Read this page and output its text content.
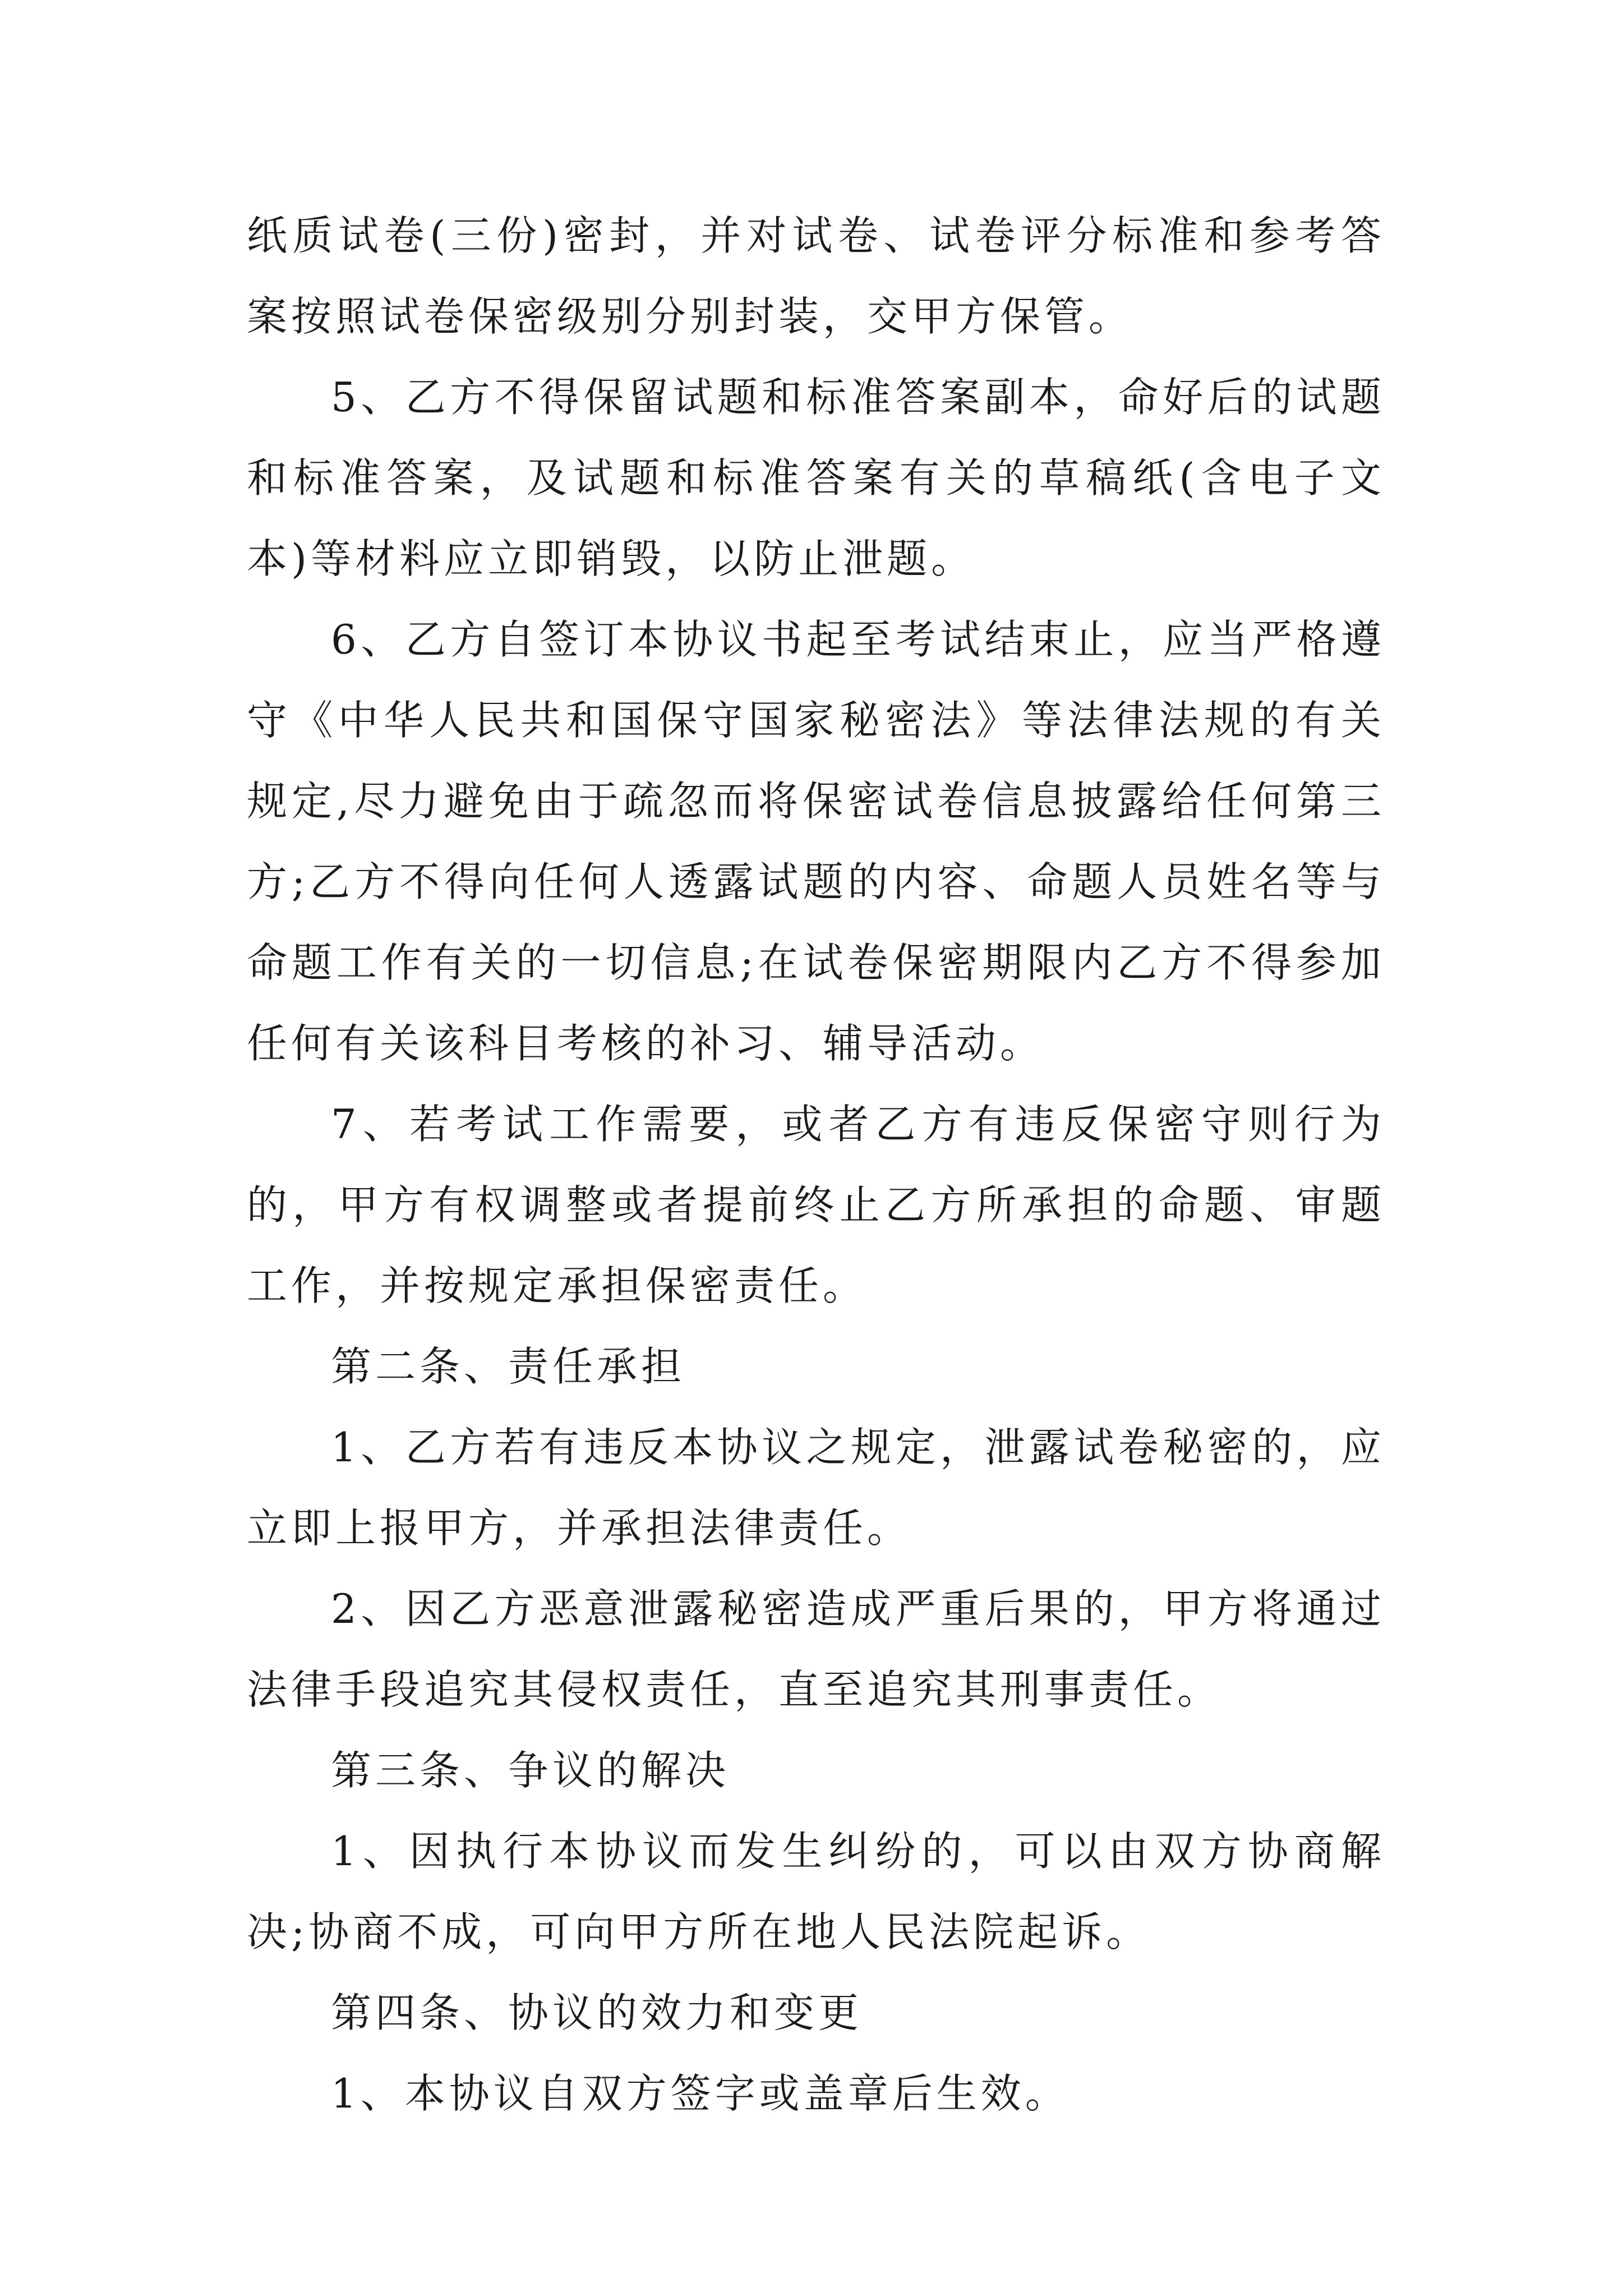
纸质试卷(三份)密封，并对试卷、试卷评分标准和参考答案按照试卷保密级别分别封装，交甲方保管。

5、乙方不得保留试题和标准答案副本，命好后的试题和标准答案，及试题和标准答案有关的草稿纸(含电子文本)等材料应立即销毁，以防止泄题。

6、乙方自签订本协议书起至考试结束止，应当严格遵守《中华人民共和国保守国家秘密法》等法律法规的有关规定,尽力避免由于疏忽而将保密试卷信息披露给任何第三方;乙方不得向任何人透露试题的内容、命题人员姓名等与命题工作有关的一切信息;在试卷保密期限内乙方不得参加任何有关该科目考核的补习、辅导活动。

7、若考试工作需要，或者乙方有违反保密守则行为的，甲方有权调整或者提前终止乙方所承担的命题、审题工作，并按规定承担保密责任。

第二条、责任承担

1、乙方若有违反本协议之规定，泄露试卷秘密的，应立即上报甲方，并承担法律责任。

2、因乙方恶意泄露秘密造成严重后果的，甲方将通过法律手段追究其侵权责任，直至追究其刑事责任。

第三条、争议的解决

1、因执行本协议而发生纠纷的，可以由双方协商解决;协商不成，可向甲方所在地人民法院起诉。

第四条、协议的效力和变更

1、本协议自双方签字或盖章后生效。
